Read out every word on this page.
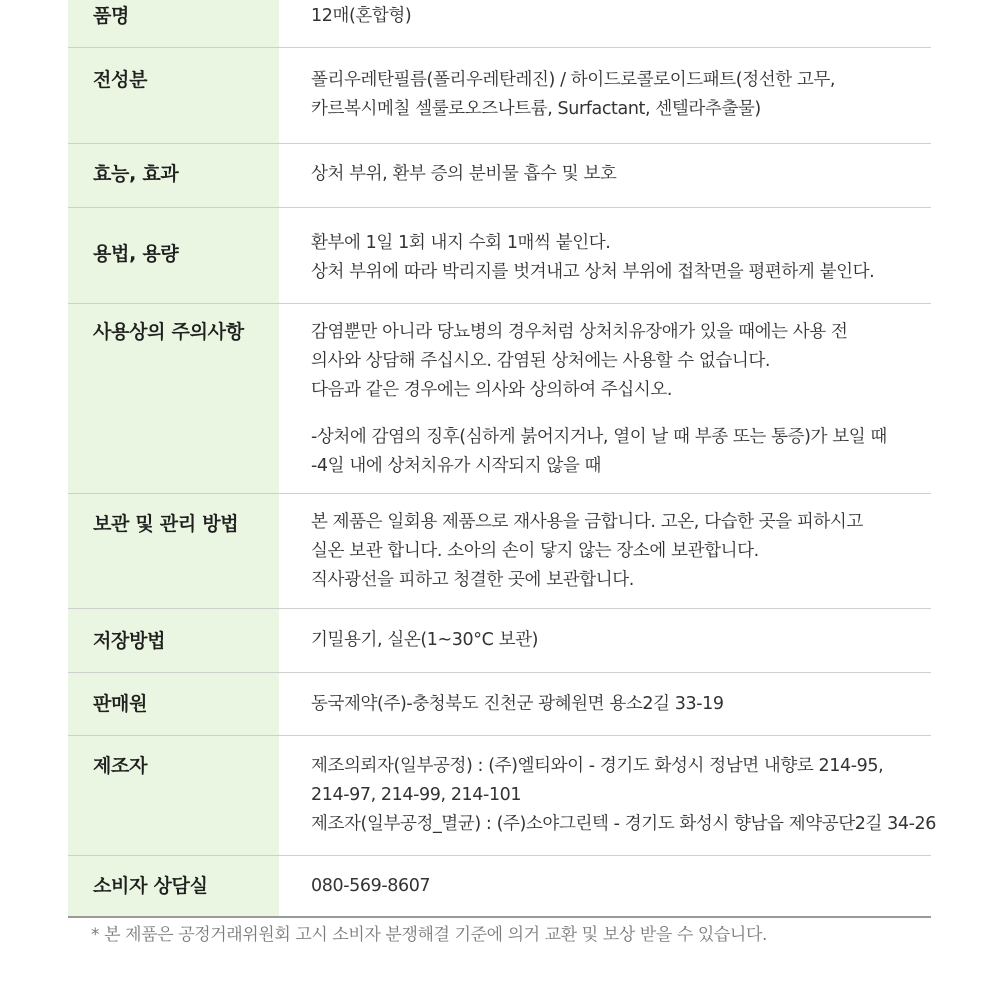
품명	12매(혼합형)
전성분	폴리우레탄필름(폴리우레탄레진) / 하이드로콜로이드패트(정선한 고무,
카르복시메칠 셀룰로오즈나트륨, Surfactant, 센텔라추출물)
효능, 효과	상처 부위, 환부 증의 분비물 흡수 및 보호
용법, 용량	환부에 1일 1회 내지 수회 1매씩 붙인다.
상처 부위에 따라 박리지를 벗겨내고 상처 부위에 접착면을 평편하게 붙인다.
사용상의 주의사항	감염뿐만 아니라 당뇨병의 경우처럼 상처치유장애가 있을 때에는 사용 전
의사와 상담해 주십시오. 감염된 상처에는 사용할 수 없습니다.
다음과 같은 경우에는 의사와 상의하여 주십시오.
-상처에 감염의 징후(심하게 붉어지거나, 열이 날 때 부종 또는 통증)가 보일 때
-4일 내에 상처치유가 시작되지 않을 때
보관 및 관리 방법	본 제품은 일회용 제품으로 재사용을 금합니다. 고온, 다습한 곳을 피하시고
실온 보관 합니다. 소아의 손이 닿지 않는 장소에 보관합니다.
직사광선을 피하고 청결한 곳에 보관합니다.
저장방법	기밀용기, 실온(1~30°C 보관)
판매원	동국제약(주)-충청북도 진천군 광혜원면 용소2길 33-19
제조자	제조의뢰자(일부공정) : (주)엘티와이 - 경기도 화성시 정남면 내향로 214-95,
214-97, 214-99, 214-101
제조자(일부공정_멸균) : (주)소야그린텍 - 경기도 화성시 향남읍 제약공단2길 34-26
소비자 상담실	080-569-8607
* 본 제품은 공정거래위원회 고시 소비자 분쟁해결 기준에 의거 교환 및 보상 받을 수 있습니다.
